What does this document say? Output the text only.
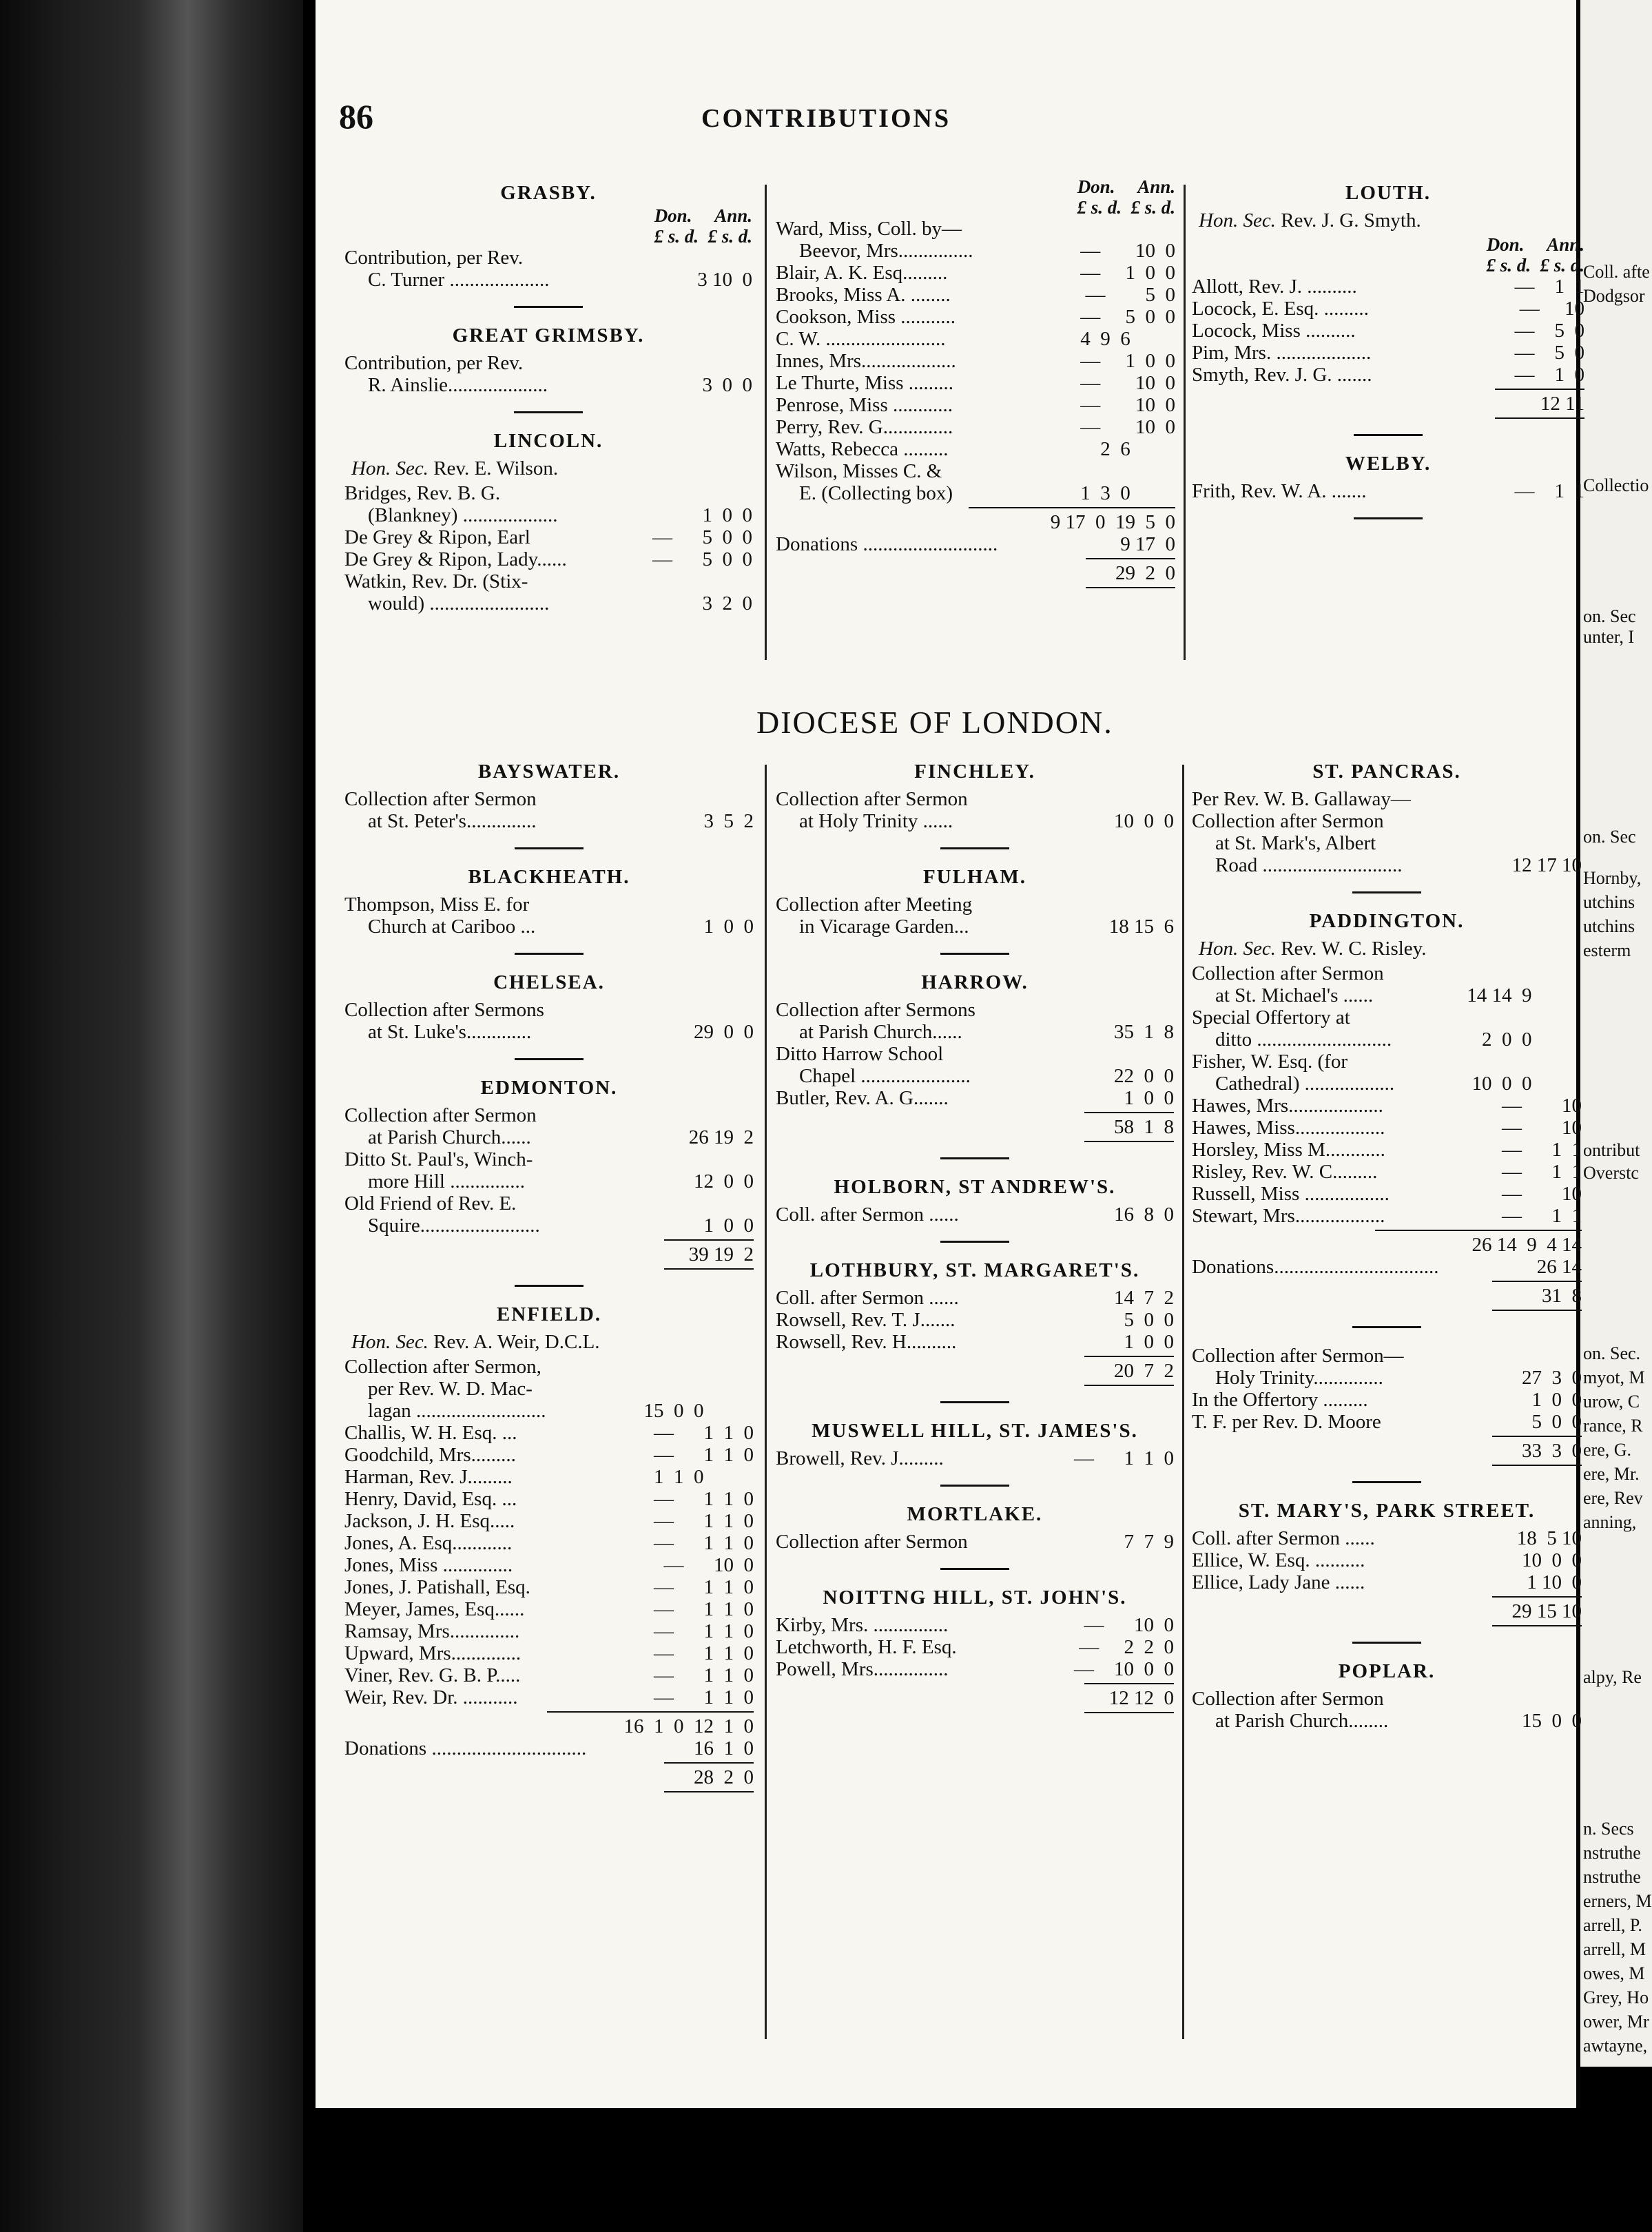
Coll. afte
Dodgsor
Collectio
on. Sec
unter, I
on. Sec
Hornby,
utchins
utchins
esterm
ontribut
Overstc
on. Sec.
myot, M
urow, C
rance, R
ere, G.
ere, Mr.
ere, Rev
anning,
alpy, Re
n. Secs
nstruthe
nstruthe
erners, M
arrell, P.
arrell, M
owes, M
Grey, Ho
ower, Mr
awtayne,
86	CONTRIBUTIONS
DIOCESE OF LONDON.
GRASBY.
Don. Ann.
£ s. d.  £ s. d.
Contribution, per Rev.
C. Turner ....................	3 10  0
GREAT GRIMSBY.
Contribution, per Rev.
R. Ainslie....................	3  0  0
LINCOLN.
Hon. Sec. Rev. E. Wilson.
Bridges, Rev. B. G.
(Blankney) ...................	1  0  0
De Grey & Ripon, Earl	—      5  0  0
De Grey & Ripon, Lady......	—      5  0  0
Watkin, Rev. Dr. (Stix-
would) ........................	3  2  0
Don. Ann.
£ s. d.  £ s. d.
Ward, Miss, Coll. by—
Beevor, Mrs...............	—       10  0
Blair, A. K. Esq.........	—     1  0  0
Brooks, Miss A. ........	—        5  0
Cookson, Miss ...........	—     5  0  0
C. W. ........................	4  9  6
Innes, Mrs...................	—     1  0  0
Le Thurte, Miss .........	—       10  0
Penrose, Miss ............	—       10  0
Perry, Rev. G..............	—       10  0
Watts, Rebecca .........	2  6
Wilson, Misses C. &
E. (Collecting box)	1  3  0
9 17  0  19  5  0
Donations ...........................	9 17  0
29  2  0
LOUTH.
Hon. Sec. Rev. J. G. Smyth.
Don. Ann.
£ s. d.  £ s. d.
Allott, Rev. J. ..........	—    1  1
Locock, E. Esq. .........	—     10
Locock, Miss ..........	—    5  0
Pim, Mrs. ...................	—    5  0
Smyth, Rev. J. G. .......	—    1  0
12 11
WELBY.
Frith, Rev. W. A. .......	—    1  1
BAYSWATER.
Collection after Sermon
at St. Peter's..............	3  5  2
BLACKHEATH.
Thompson, Miss E. for
Church at Cariboo ...	1  0  0
CHELSEA.
Collection after Sermons
at St. Luke's.............	29  0  0
EDMONTON.
Collection after Sermon
at Parish Church......	26 19  2
Ditto St. Paul's, Winch-
more Hill ...............	12  0  0
Old Friend of Rev. E.
Squire........................	1  0  0
39 19  2
ENFIELD.
Hon. Sec. Rev. A. Weir, D.C.L.
Collection after Sermon,
per Rev. W. D. Mac-
lagan ..........................	15  0  0
Challis, W. H. Esq. ...	—      1  1  0
Goodchild, Mrs.........	—      1  1  0
Harman, Rev. J.........	1  1  0
Henry, David, Esq. ...	—      1  1  0
Jackson, J. H. Esq.....	—      1  1  0
Jones, A. Esq............	—      1  1  0
Jones, Miss ..............	—      10  0
Jones, J. Patishall, Esq.	—      1  1  0
Meyer, James, Esq......	—      1  1  0
Ramsay, Mrs..............	—      1  1  0
Upward, Mrs..............	—      1  1  0
Viner, Rev. G. B. P.....	—      1  1  0
Weir, Rev. Dr. ...........	—      1  1  0
16  1  0  12  1  0
Donations ...............................	16  1  0
28  2  0
FINCHLEY.
Collection after Sermon
at Holy Trinity ......	10  0  0
FULHAM.
Collection after Meeting
in Vicarage Garden...	18 15  6
HARROW.
Collection after Sermons
at Parish Church......	35  1  8
Ditto Harrow School
Chapel ......................	22  0  0
Butler, Rev. A. G.......	1  0  0
58  1  8
HOLBORN, ST ANDREW'S.
Coll. after Sermon ......	16  8  0
LOTHBURY, ST. MARGARET'S.
Coll. after Sermon ......	14  7  2
Rowsell, Rev. T. J.......	5  0  0
Rowsell, Rev. H..........	1  0  0
20  7  2
MUSWELL HILL, ST. JAMES'S.
Browell, Rev. J.........	—      1  1  0
MORTLAKE.
Collection after Sermon	7  7  9
NOITTNG HILL, ST. JOHN'S.
Kirby, Mrs. ...............	—      10  0
Letchworth, H. F. Esq.	—     2  2  0
Powell, Mrs...............	—    10  0  0
12 12  0
ST. PANCRAS.
Per Rev. W. B. Gallaway—
Collection after Sermon
at St. Mark's, Albert
Road ............................	12 17 10
PADDINGTON.
Hon. Sec. Rev. W. C. Risley.
Collection after Sermon
at St. Michael's ......	14 14  9
Special Offertory at
ditto ...........................	2  0  0
Fisher, W. Esq. (for
Cathedral) ..................	10  0  0
Hawes, Mrs...................	—        10
Hawes, Miss..................	—        10
Horsley, Miss M............	—      1  1
Risley, Rev. W. C.........	—      1  1
Russell, Miss .................	—        10
Stewart, Mrs..................	—      1  1
26 14  9  4 14
Donations.................................	26 14
31  8
Collection after Sermon—
Holy Trinity..............	27  3  0
In the Offertory .........	1  0  0
T. F. per Rev. D. Moore	5  0  0
33  3  0
ST. MARY'S, PARK STREET.
Coll. after Sermon ......	18  5 10
Ellice, W. Esq. ..........	10  0  0
Ellice, Lady Jane ......	1 10  0
29 15 10
POPLAR.
Collection after Sermon
at Parish Church........	15  0  0
